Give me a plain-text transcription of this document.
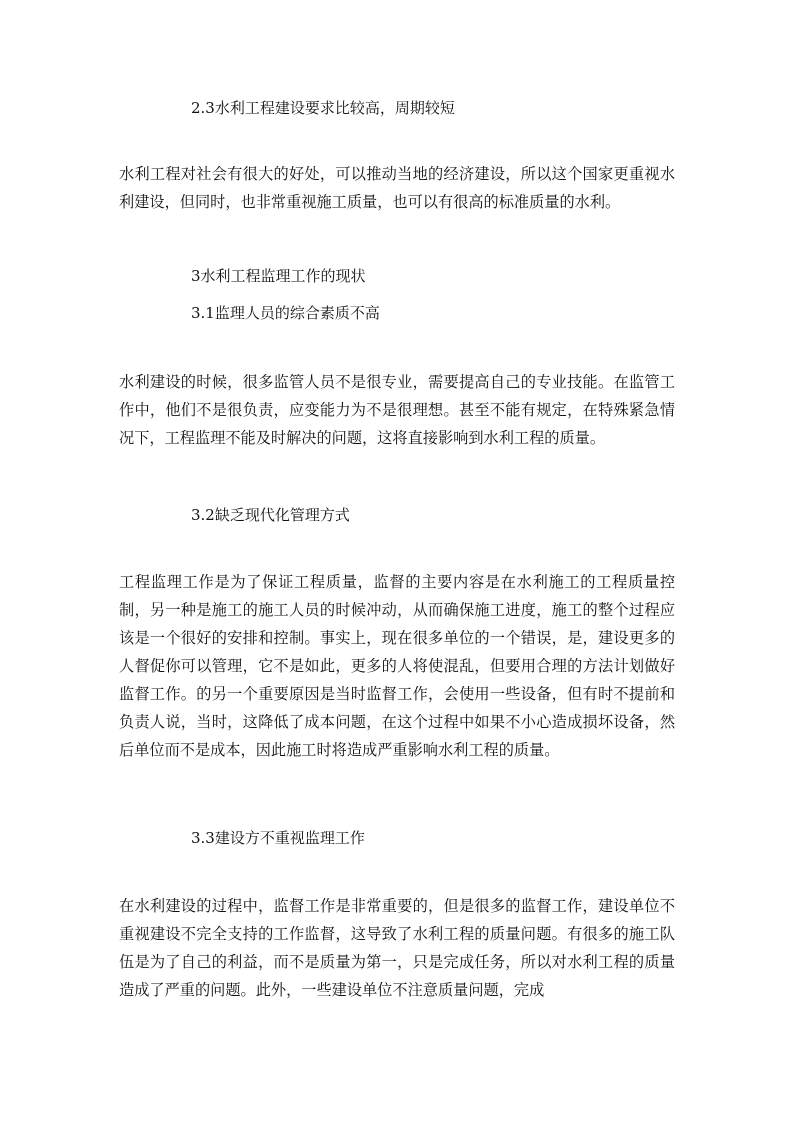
2.3水利工程建设要求比较高，周期较短
水利工程对社会有很大的好处，可以推动当地的经济建设，所以这个国家更重视水利建设，但同时，也非常重视施工质量，也可以有很高的标准质量的水利。
3水利工程监理工作的现状
3.1监理人员的综合素质不高
水利建设的时候，很多监管人员不是很专业，需要提高自己的专业技能。在监管工作中，他们不是很负责，应变能力为不是很理想。甚至不能有规定，在特殊紧急情况下，工程监理不能及时解决的问题，这将直接影响到水利工程的质量。
3.2缺乏现代化管理方式
工程监理工作是为了保证工程质量，监督的主要内容是在水利施工的工程质量控制，另一种是施工的施工人员的时候冲动，从而确保施工进度，施工的整个过程应该是一个很好的安排和控制。事实上，现在很多单位的一个错误，是，建设更多的人督促你可以管理，它不是如此，更多的人将使混乱，但要用合理的方法计划做好监督工作。的另一个重要原因是当时监督工作，会使用一些设备，但有时不提前和负责人说，当时，这降低了成本问题，在这个过程中如果不小心造成损坏设备，然后单位而不是成本，因此施工时将造成严重影响水利工程的质量。
3.3建设方不重视监理工作
在水利建设的过程中，监督工作是非常重要的，但是很多的监督工作，建设单位不重视建设不完全支持的工作监督，这导致了水利工程的质量问题。有很多的施工队伍是为了自己的利益，而不是质量为第一，只是完成任务，所以对水利工程的质量造成了严重的问题。此外，一些建设单位不注意质量问题，完成
